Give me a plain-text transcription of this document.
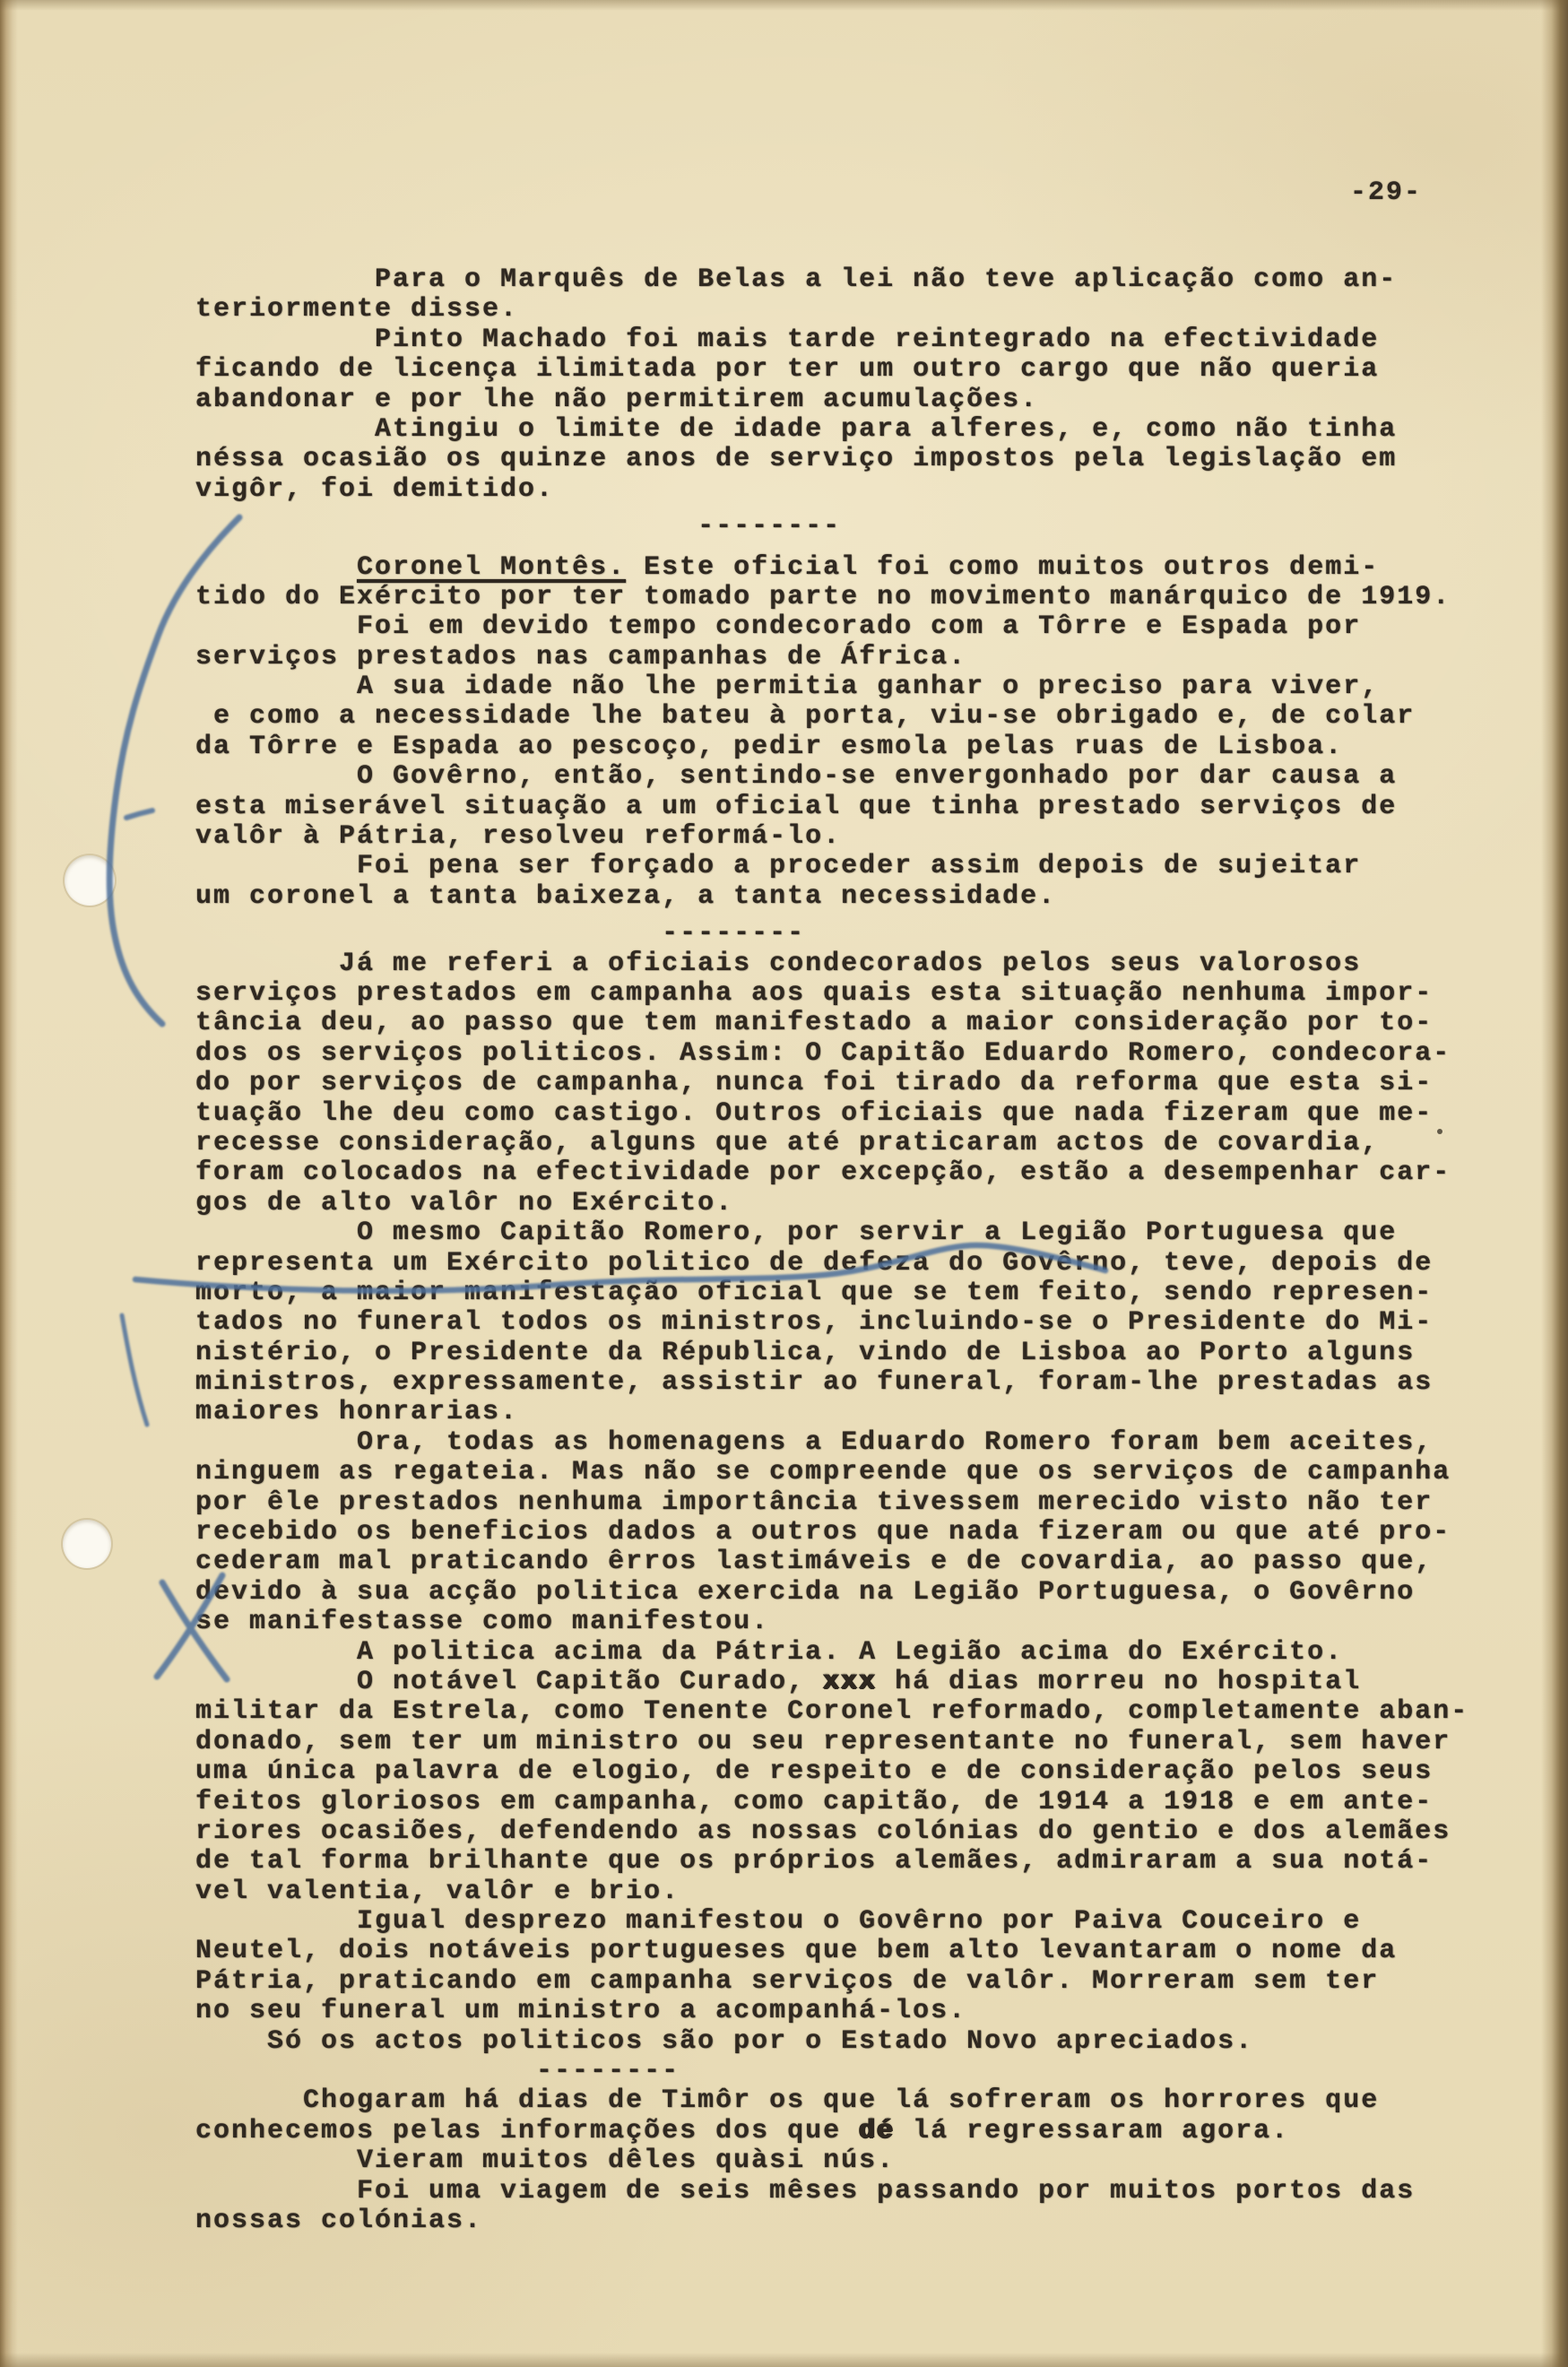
-29-
Para o Marquês de Belas a lei não teve aplicação como an-
teriormente disse.
Pinto Machado foi mais tarde reintegrado na efectividade
ficando de licença ilimitada por ter um outro cargo que não queria
abandonar e por lhe não permitirem acumulações.
Atingiu o limite de idade para alferes, e, como não tinha
néssa ocasião os quinze anos de serviço impostos pela legislação em
vigôr, foi demitido.
--------
Coronel Montês. Este oficial foi como muitos outros demi-
tido do Exército por ter tomado parte no movimento manárquico de 1919.
Foi em devido tempo condecorado com a Tôrre e Espada por
serviços prestados nas campanhas de África.
A sua idade não lhe permitia ganhar o preciso para viver,
e como a necessidade lhe bateu à porta, viu-se obrigado e, de colar
da Tôrre e Espada ao pescoço, pedir esmola pelas ruas de Lisboa.
O Govêrno, então, sentindo-se envergonhado por dar causa a
esta miserável situação a um oficial que tinha prestado serviços de
valôr à Pátria, resolveu reformá-lo.
Foi pena ser forçado a proceder assim depois de sujeitar
um coronel a tanta baixeza, a tanta necessidade.
--------
Já me referi a oficiais condecorados pelos seus valorosos
serviços prestados em campanha aos quais esta situação nenhuma impor-
tância deu, ao passo que tem manifestado a maior consideração por to-
dos os serviços politicos. Assim: O Capitão Eduardo Romero, condecora-
do por serviços de campanha, nunca foi tirado da reforma que esta si-
tuação lhe deu como castigo. Outros oficiais que nada fizeram que me-
recesse consideração, alguns que até praticaram actos de covardia,
foram colocados na efectividade por excepção, estão a desempenhar car-
gos de alto valôr no Exército.
O mesmo Capitão Romero, por servir a Legião Portuguesa que
representa um Exército politico de defeza do Govêrno, teve, depois de
morto, a maior manifestação oficial que se tem feito, sendo represen-
tados no funeral todos os ministros, incluindo-se o Presidente do Mi-
nistério, o Presidente da Républica, vindo de Lisboa ao Porto alguns
ministros, expressamente, assistir ao funeral, foram-lhe prestadas as
maiores honrarias.
Ora, todas as homenagens a Eduardo Romero foram bem aceites,
ninguem as regateia. Mas não se compreende que os serviços de campanha
por êle prestados nenhuma importância tivessem merecido visto não ter
recebido os beneficios dados a outros que nada fizeram ou que até pro-
cederam mal praticando êrros lastimáveis e de covardia, ao passo que,
devido à sua acção politica exercida na Legião Portuguesa, o Govêrno
se manifestasse como manifestou.
A politica acima da Pátria. A Legião acima do Exército.
O notável Capitão Curado, xxx há dias morreu no hospital
militar da Estrela, como Tenente Coronel reformado, completamente aban-
donado, sem ter um ministro ou seu representante no funeral, sem haver
uma única palavra de elogio, de respeito e de consideração pelos seus
feitos gloriosos em campanha, como capitão, de 1914 a 1918 e em ante-
riores ocasiões, defendendo as nossas colónias do gentio e dos alemães
de tal forma brilhante que os próprios alemães, admiraram a sua notá-
vel valentia, valôr e brio.
Igual desprezo manifestou o Govêrno por Paiva Couceiro e
Neutel, dois notáveis portugueses que bem alto levantaram o nome da
Pátria, praticando em campanha serviços de valôr. Morreram sem ter
no seu funeral um ministro a acompanhá-los.
Só os actos politicos são por o Estado Novo apreciados.
--------
Chogaram há dias de Timôr os que lá sofreram os horrores que
conhecemos pelas informações dos que dé lá regressaram agora.
Vieram muitos dêles quàsi nús.
Foi uma viagem de seis mêses passando por muitos portos das
nossas colónias.
